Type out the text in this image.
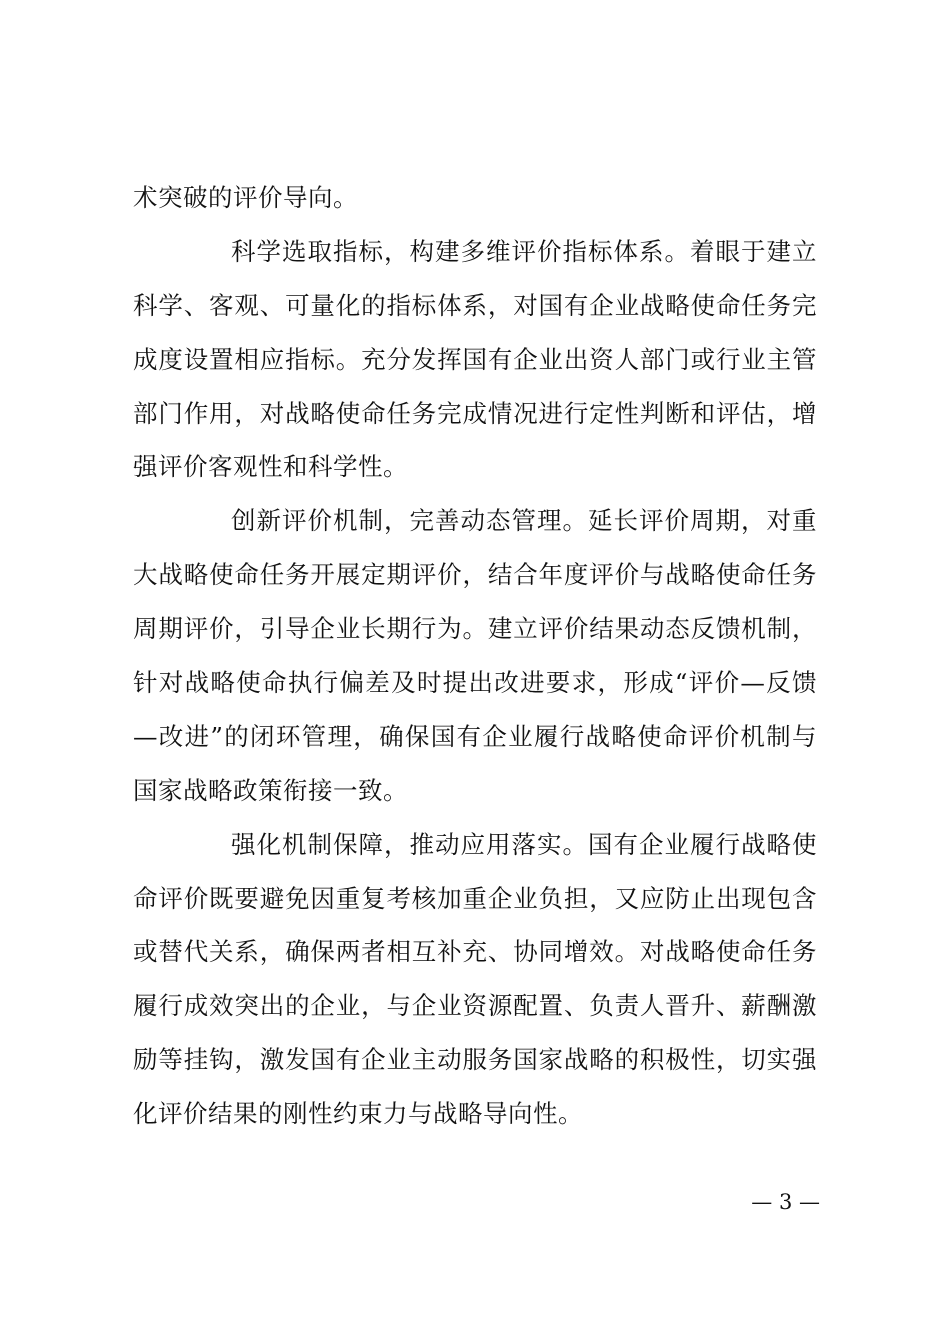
术突破的评价导向。
科学选取指标，构建多维评价指标体系。着眼于建立
科学、客观、可量化的指标体系，对国有企业战略使命任务完
成度设置相应指标。充分发挥国有企业出资人部门或行业主管
部门作用，对战略使命任务完成情况进行定性判断和评估，增
强评价客观性和科学性。
创新评价机制，完善动态管理。延长评价周期，对重
大战略使命任务开展定期评价，结合年度评价与战略使命任务
周期评价，引导企业长期行为。建立评价结果动态反馈机制，
针对战略使命执行偏差及时提出改进要求，形成“评价—反馈
—改进”的闭环管理，确保国有企业履行战略使命评价机制与
国家战略政策衔接一致。
强化机制保障，推动应用落实。国有企业履行战略使
命评价既要避免因重复考核加重企业负担，又应防止出现包含
或替代关系，确保两者相互补充、协同增效。对战略使命任务
履行成效突出的企业，与企业资源配置、负责人晋升、薪酬激
励等挂钩，激发国有企业主动服务国家战略的积极性，切实强
化评价结果的刚性约束力与战略导向性。
— 3 —
